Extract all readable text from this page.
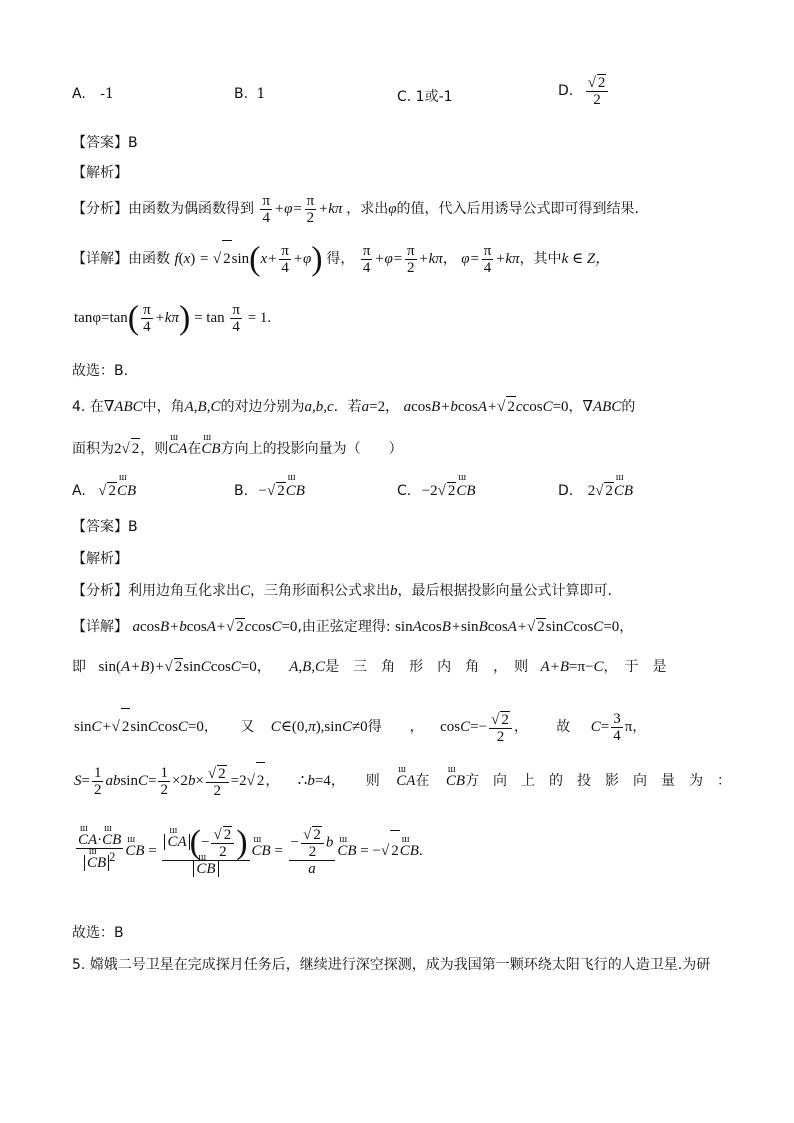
A. -1	B. 1	C. 1或-1	D. $\frac{√ 2}{2}$
【答案】B
【解析】
【分析】由函数为偶函数得到 $\frac{\pi}{4} +\varphi= \frac{\pi}{2} +k\pi$ ，求出φ的值，代入后用诱导公式即可得到结果.
【详解】由函数 f(x) = √ $2\sin(x+ \frac{\pi}{4} +\varphi)$ 得， $\frac{\pi}{4} +\varphi= \frac{\pi}{2} +k\pi$， $\varphi= \frac{\pi}{4} +k\pi$，其中k ∈ Z，
$\tan\varphi=\tan( \frac{\pi}{4} +k\pi) = \tan \frac{\pi}{4} = 1$.
故选：B.
4. 在∇ABC中，角A,B,C的对边分别为a,b,c．若a=2， acosB+bcosA+√ 2ccosC=0，∇ABC的
面积为2√ 2，则ш CA在ш CB方向上的投影向量为（　　）
A. √ 2ш CB	B. −√ 2ш CB	C. −2√ 2ш CB	D. 2√ 2ш CB
【答案】B
【解析】
【分析】利用边角互化求出C，三角形面积公式求出b，最后根据投影向量公式计算即可.
【详解】 acosB+bcosA+√ 2ccosC=0,由正弦定理得: sinAcosB+sinBcosA+√ 2sinCcosC=0，
即 sin(A+B)+√ 2sinCcosC=0， A,B,C是　三　角　形　内　角　，　则 A+B=π−C，　于　是
sinC+√ 2sinCcosC=0， 又 C∈(0,π),sinC≠0得　　， $\cos C=- \frac{√ 2}{2}$ ， 故 $C= \frac{3}{4}$ π，
$S= \frac{1}{2} absinC= \frac{1}{2} \times 2b\times \frac{√ 2}{2} =2√$ 2， ∴b=4，　　则 ш CA在 ш CB方　向　上　的　投　影　向　量　为　：
ш CA·ш CB
ш CB $^2$ ш CB = ш $CA(- \frac{√ 2}{2}$ )
ш CB ш CB = $\frac{- \frac{√ 2}{2} b}{a}$ ш CB = −√ 2ш CB.
故选：B
5. 嫦娥二号卫星在完成探月任务后，继续进行深空探测，成为我国第一颗环绕太阳飞行的人造卫星.为研
